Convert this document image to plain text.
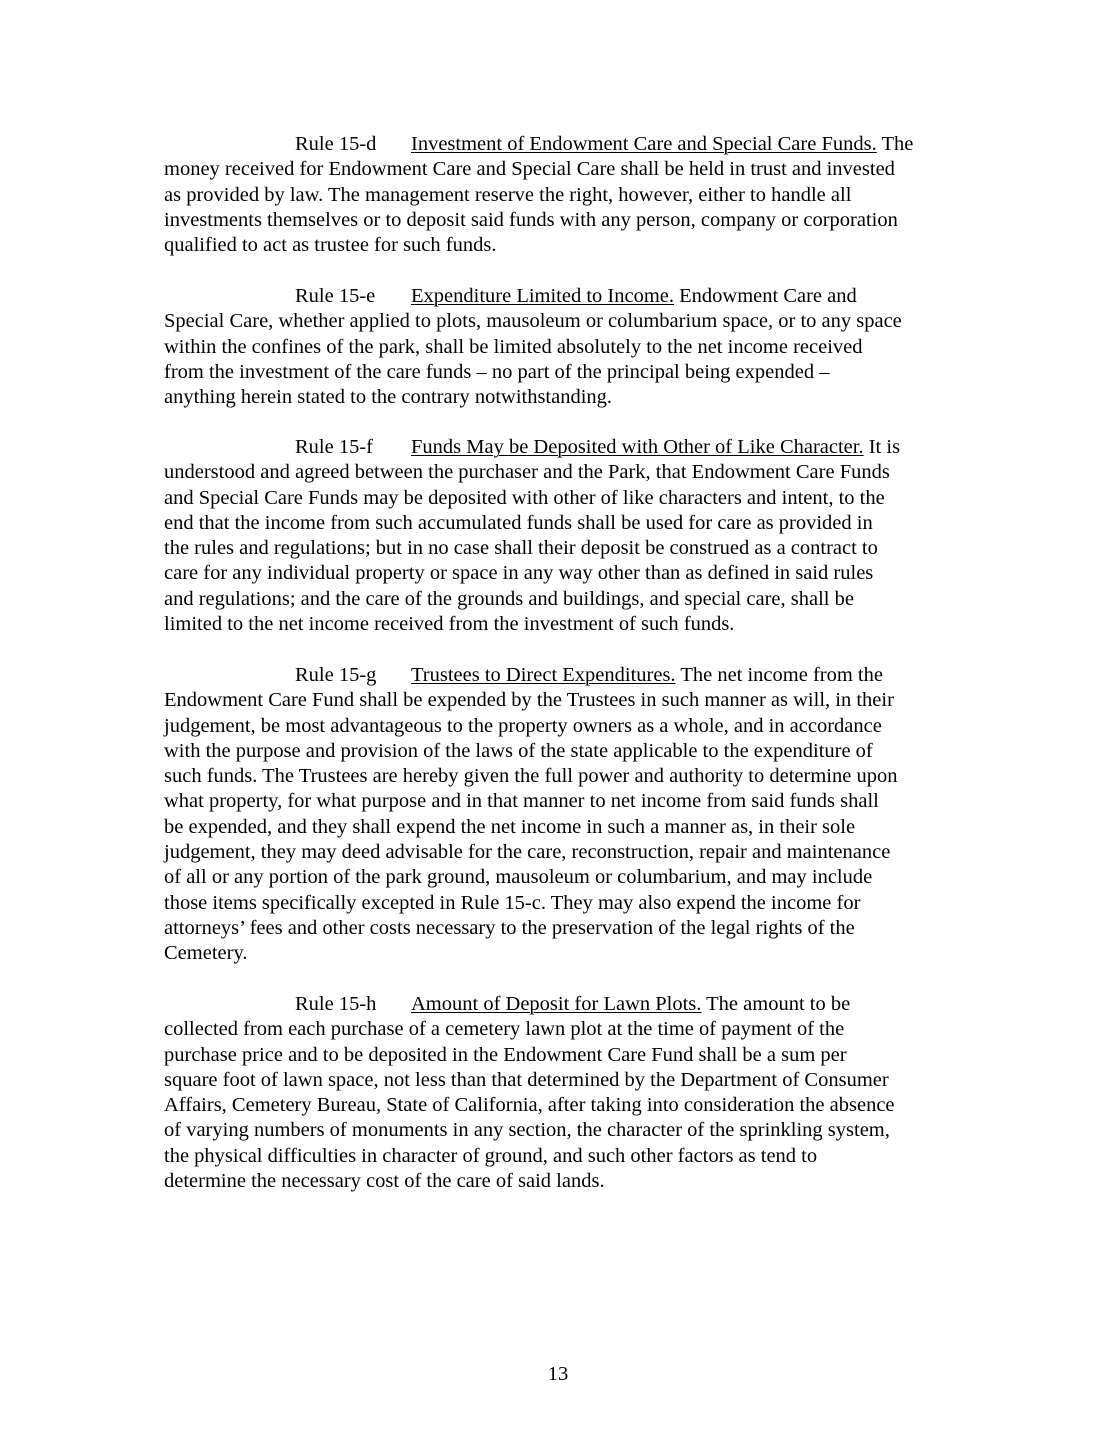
Rule 15-d	Investment of Endowment Care and Special Care Funds. The
money received for Endowment Care and Special Care shall be held in trust and invested
as provided by law. The management reserve the right, however, either to handle all
investments themselves or to deposit said funds with any person, company or corporation
qualified to act as trustee for such funds.
Rule 15-e	Expenditure Limited to Income. Endowment Care and
Special Care, whether applied to plots, mausoleum or columbarium space, or to any space
within the confines of the park, shall be limited absolutely to the net income received
from the investment of the care funds – no part of the principal being expended –
anything herein stated to the contrary notwithstanding.
Rule 15-f	Funds May be Deposited with Other of Like Character. It is
understood and agreed between the purchaser and the Park, that Endowment Care Funds
and Special Care Funds may be deposited with other of like characters and intent, to the
end that the income from such accumulated funds shall be used for care as provided in
the rules and regulations; but in no case shall their deposit be construed as a contract to
care for any individual property or space in any way other than as defined in said rules
and regulations; and the care of the grounds and buildings, and special care, shall be
limited to the net income received from the investment of such funds.
Rule 15-g	Trustees to Direct Expenditures. The net income from the
Endowment Care Fund shall be expended by the Trustees in such manner as will, in their
judgement, be most advantageous to the property owners as a whole, and in accordance
with the purpose and provision of the laws of the state applicable to the expenditure of
such funds. The Trustees are hereby given the full power and authority to determine upon
what property, for what purpose and in that manner to net income from said funds shall
be expended, and they shall expend the net income in such a manner as, in their sole
judgement, they may deed advisable for the care, reconstruction, repair and maintenance
of all or any portion of the park ground, mausoleum or columbarium, and may include
those items specifically excepted in Rule 15-c. They may also expend the income for
attorneys’ fees and other costs necessary to the preservation of the legal rights of the
Cemetery.
Rule 15-h	Amount of Deposit for Lawn Plots. The amount to be
collected from each purchase of a cemetery lawn plot at the time of payment of the
purchase price and to be deposited in the Endowment Care Fund shall be a sum per
square foot of lawn space, not less than that determined by the Department of Consumer
Affairs, Cemetery Bureau, State of California, after taking into consideration the absence
of varying numbers of monuments in any section, the character of the sprinkling system,
the physical difficulties in character of ground, and such other factors as tend to
determine the necessary cost of the care of said lands.
13
